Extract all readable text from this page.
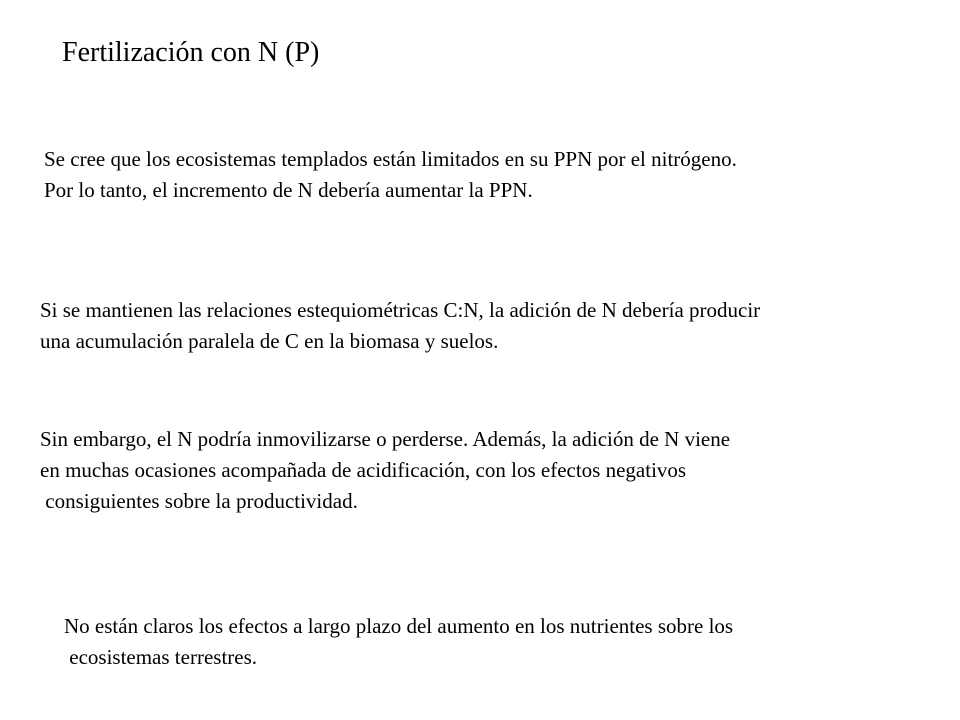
Fertilización con N (P)

Se cree que los ecosistemas templados están limitados en su PPN por el nitrógeno.
Por lo tanto, el incremento de N debería aumentar la PPN.

Si se mantienen las relaciones estequiométricas C:N, la adición de N debería producir
una acumulación paralela de C en la biomasa y suelos.

Sin embargo, el N podría inmovilizarse o perderse. Además, la adición de N viene
en muchas ocasiones acompañada de acidificación, con los efectos negativos
consiguientes sobre la productividad.

No están claros los efectos a largo plazo del aumento en los nutrientes sobre los
ecosistemas terrestres.
